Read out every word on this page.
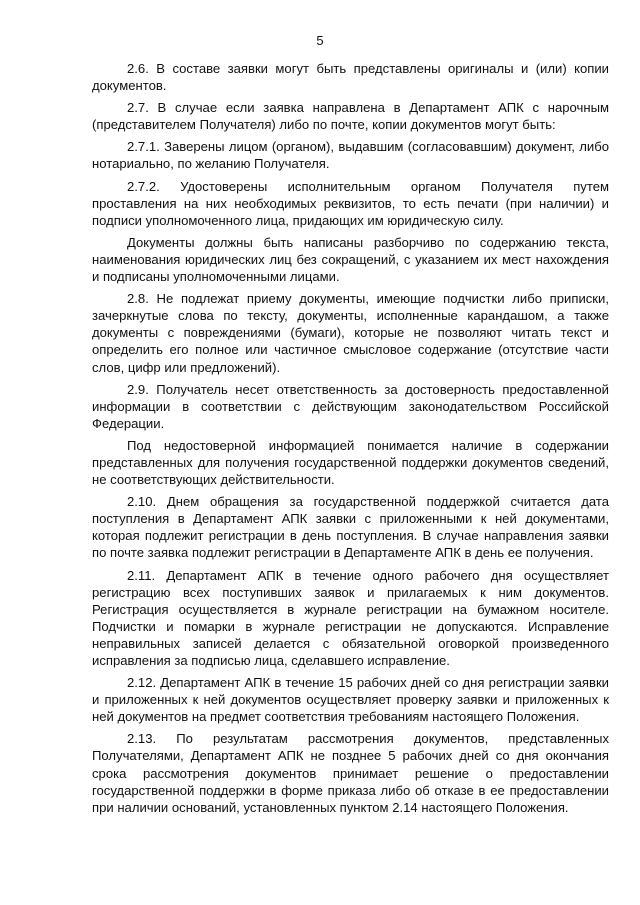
5

2.6. В составе заявки могут быть представлены оригиналы и (или) копии документов.

2.7. В случае если заявка направлена в Департамент АПК с нарочным (представителем Получателя) либо по почте, копии документов могут быть:

2.7.1. Заверены лицом (органом), выдавшим (согласовавшим) документ, либо нотариально, по желанию Получателя.

2.7.2. Удостоверены исполнительным органом Получателя путем проставления на них необходимых реквизитов, то есть печати (при наличии) и подписи уполномоченного лица, придающих им юридическую силу.

Документы должны быть написаны разборчиво по содержанию текста, наименования юридических лиц без сокращений, с указанием их мест нахождения и подписаны уполномоченными лицами.

2.8. Не подлежат приему документы, имеющие подчистки либо приписки, зачеркнутые слова по тексту, документы, исполненные карандашом, а также документы с повреждениями (бумаги), которые не позволяют читать текст и определить его полное или частичное смысловое содержание (отсутствие части слов, цифр или предложений).

2.9. Получатель несет ответственность за достоверность предоставленной информации в соответствии с действующим законодательством Российской Федерации.

Под недостоверной информацией понимается наличие в содержании представленных для получения государственной поддержки документов сведений, не соответствующих действительности.

2.10. Днем обращения за государственной поддержкой считается дата поступления в Департамент АПК заявки с приложенными к ней документами, которая подлежит регистрации в день поступления. В случае направления заявки по почте заявка подлежит регистрации в Департаменте АПК в день ее получения.

2.11. Департамент АПК в течение одного рабочего дня осуществляет регистрацию всех поступивших заявок и прилагаемых к ним документов. Регистрация осуществляется в журнале регистрации на бумажном носителе. Подчистки и помарки в журнале регистрации не допускаются. Исправление неправильных записей делается с обязательной оговоркой произведенного исправления за подписью лица, сделавшего исправление.

2.12. Департамент АПК в течение 15 рабочих дней со дня регистрации заявки и приложенных к ней документов осуществляет проверку заявки и приложенных к ней документов на предмет соответствия требованиям настоящего Положения.

2.13. По результатам рассмотрения документов, представленных Получателями, Департамент АПК не позднее 5 рабочих дней со дня окончания срока рассмотрения документов принимает решение о предоставлении государственной поддержки в форме приказа либо об отказе в ее предоставлении при наличии оснований, установленных пунктом 2.14 настоящего Положения.
